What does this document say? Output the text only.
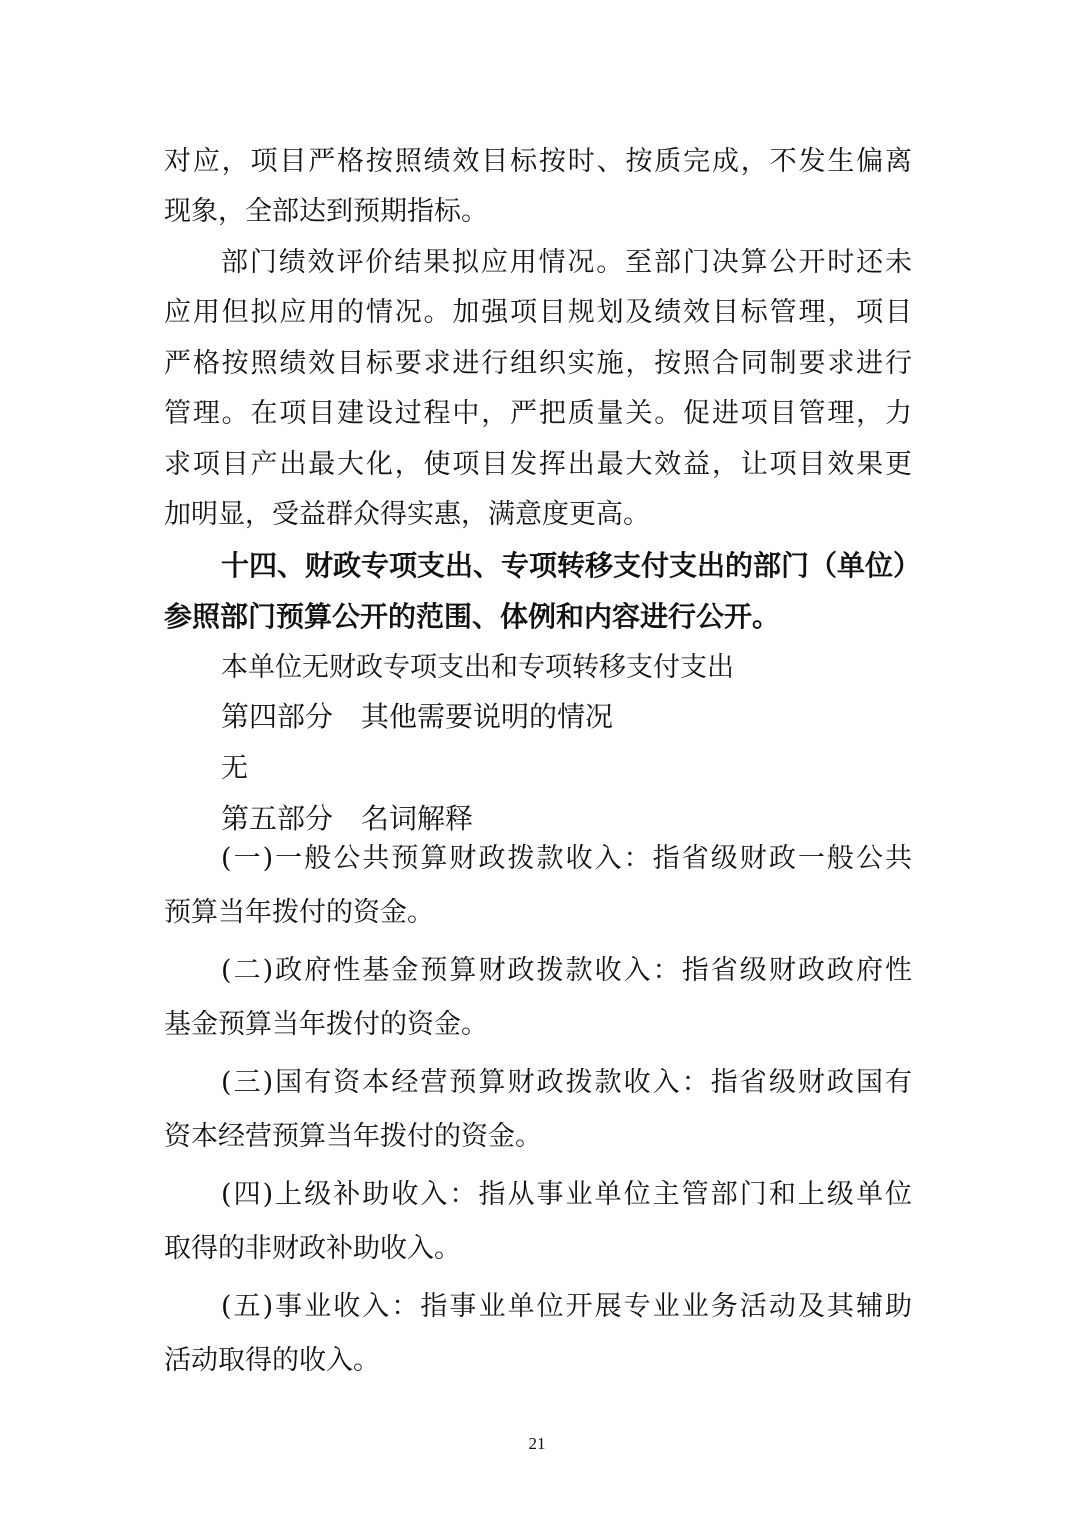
对应，项目严格按照绩效目标按时、按质完成，不发生偏离
现象，全部达到预期指标。
部门绩效评价结果拟应用情况。至部门决算公开时还未
应用但拟应用的情况。加强项目规划及绩效目标管理，项目
严格按照绩效目标要求进行组织实施，按照合同制要求进行
管理。在项目建设过程中，严把质量关。促进项目管理，力
求项目产出最大化，使项目发挥出最大效益，让项目效果更
加明显，受益群众得实惠，满意度更高。
十四、财政专项支出、专项转移支付支出的部门（单位）
参照部门预算公开的范围、体例和内容进行公开。
本单位无财政专项支出和专项转移支付支出
第四部分　其他需要说明的情况
无
第五部分　名词解释
(一)一般公共预算财政拨款收入：指省级财政一般公共
预算当年拨付的资金。
(二)政府性基金预算财政拨款收入：指省级财政政府性
基金预算当年拨付的资金。
(三)国有资本经营预算财政拨款收入：指省级财政国有
资本经营预算当年拨付的资金。
(四)上级补助收入：指从事业单位主管部门和上级单位
取得的非财政补助收入。
(五)事业收入：指事业单位开展专业业务活动及其辅助
活动取得的收入。
21
